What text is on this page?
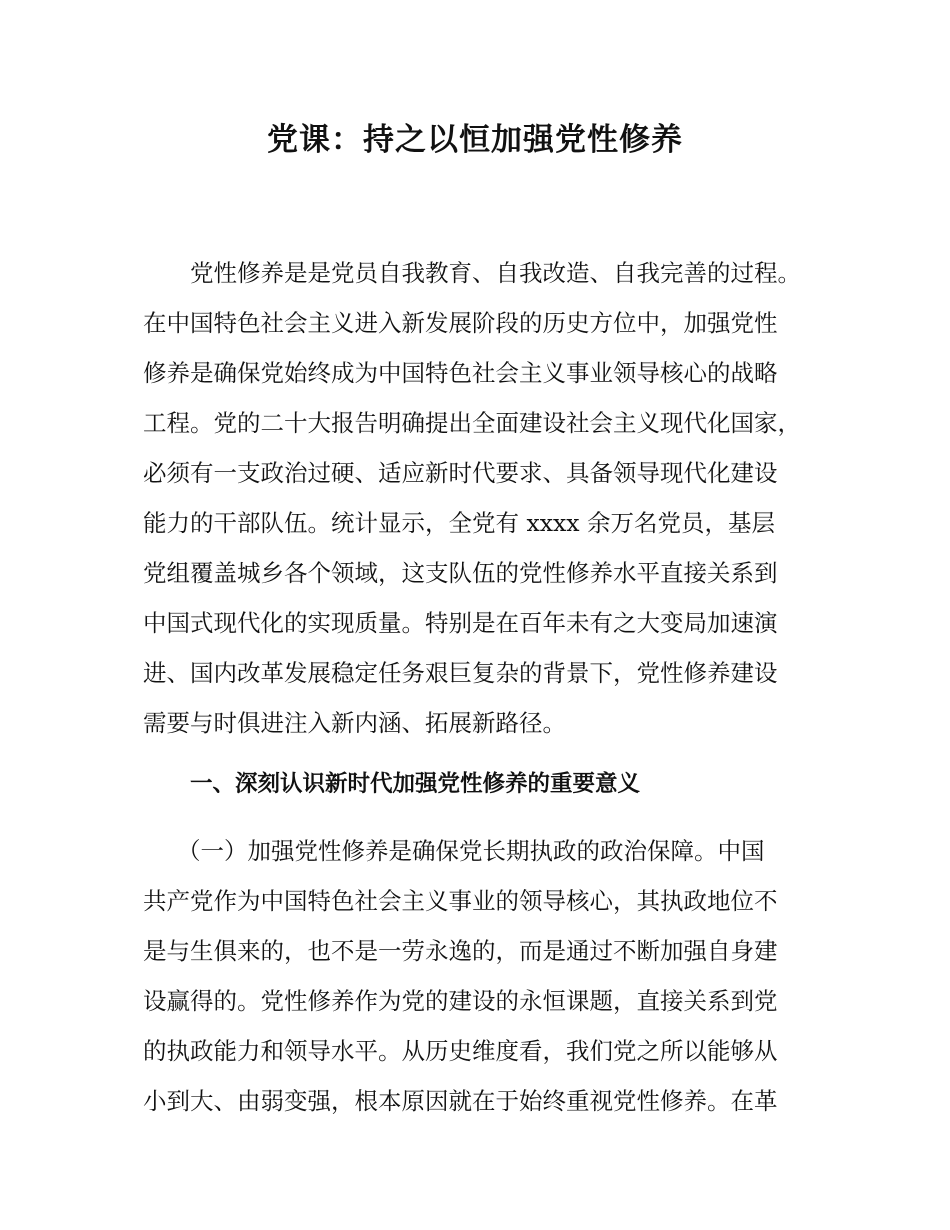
党课：持之以恒加强党性修养

党性修养是是党员自我教育、自我改造、自我完善的过程。

在中国特色社会主义进入新发展阶段的历史方位中，加强党性

修养是确保党始终成为中国特色社会主义事业领导核心的战略

工程。党的二十大报告明确提出全面建设社会主义现代化国家，

必须有一支政治过硬、适应新时代要求、具备领导现代化建设

能力的干部队伍。统计显示，全党有 xxxx 余万名党员，基层

党组覆盖城乡各个领域，这支队伍的党性修养水平直接关系到

中国式现代化的实现质量。特别是在百年未有之大变局加速演

进、国内改革发展稳定任务艰巨复杂的背景下，党性修养建设

需要与时俱进注入新内涵、拓展新路径。

一、深刻认识新时代加强党性修养的重要意义

（一）加强党性修养是确保党长期执政的政治保障。中国

共产党作为中国特色社会主义事业的领导核心，其执政地位不

是与生俱来的，也不是一劳永逸的，而是通过不断加强自身建

设赢得的。党性修养作为党的建设的永恒课题，直接关系到党

的执政能力和领导水平。从历史维度看，我们党之所以能够从

小到大、由弱变强，根本原因就在于始终重视党性修养。在革
